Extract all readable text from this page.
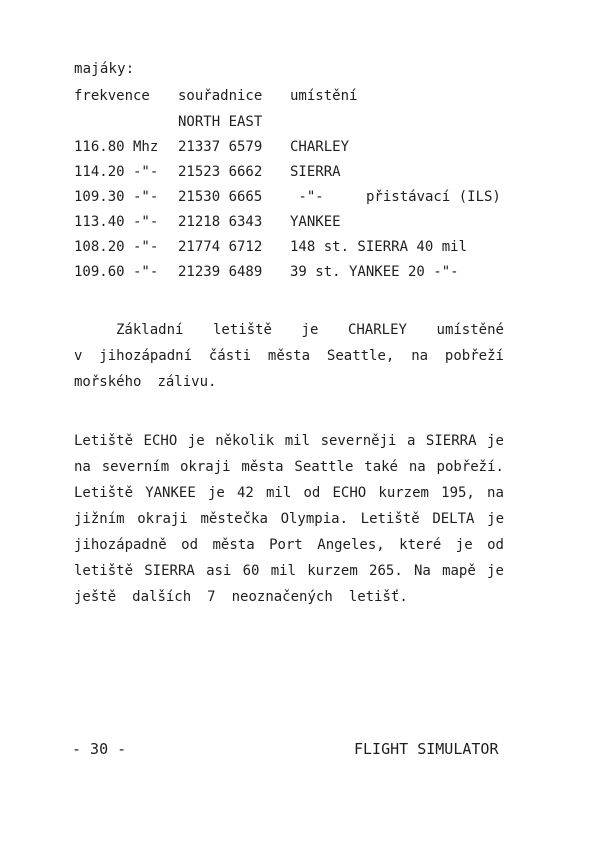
majáky:
frekvence souřadnice umístění
NORTH EAST
116.80 Mhz 21337 6579 CHARLEY
114.20 -"- 21523 6662 SIERRA
109.30 -"- 21530 6665 -"-	přistávací (ILS)
113.40 -"- 21218 6343 YANKEE
108.20 -"- 21774 6712 148 st. SIERRA 40 mil
109.60 -"- 21239 6489 39 st. YANKEE 20 -"-
Základní letiště je CHARLEY umístěné
v jihozápadní části města Seattle, na pobřeží
mořského zálivu.
Letiště ECHO je několik mil severněji a SIERRA je
na severním okraji města Seattle také na pobřeží.
Letiště YANKEE je 42 mil od ECHO kurzem 195, na
jižním okraji městečka Olympia. Letiště DELTA je
jihozápadně od města Port Angeles, které je od
letiště SIERRA asi 60 mil kurzem 265. Na mapě je
ještě dalších 7 neoznačených letišť.
- 30 -	FLIGHT SIMULATOR
